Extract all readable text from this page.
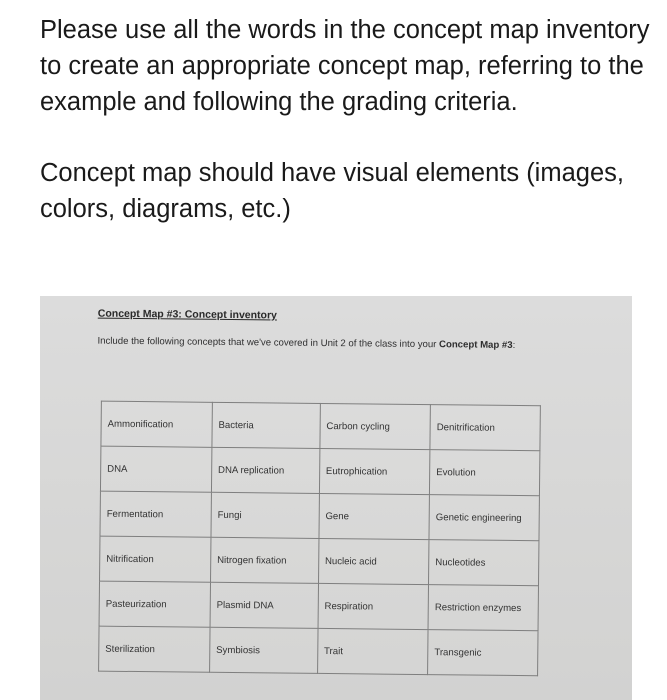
Please use all the words in the concept map inventory to create an appropriate concept map, referring to the example and following the grading criteria.

Concept map should have visual elements (images, colors, diagrams, etc.)

Concept Map #3: Concept inventory
Include the following concepts that we've covered in Unit 2 of the class into your Concept Map #3:
Ammonification	Bacteria	Carbon cycling	Denitrification
DNA	DNA replication	Eutrophication	Evolution
Fermentation	Fungi	Gene	Genetic engineering
Nitrification	Nitrogen fixation	Nucleic acid	Nucleotides
Pasteurization	Plasmid DNA	Respiration	Restriction enzymes
Sterilization	Symbiosis	Trait	Transgenic
